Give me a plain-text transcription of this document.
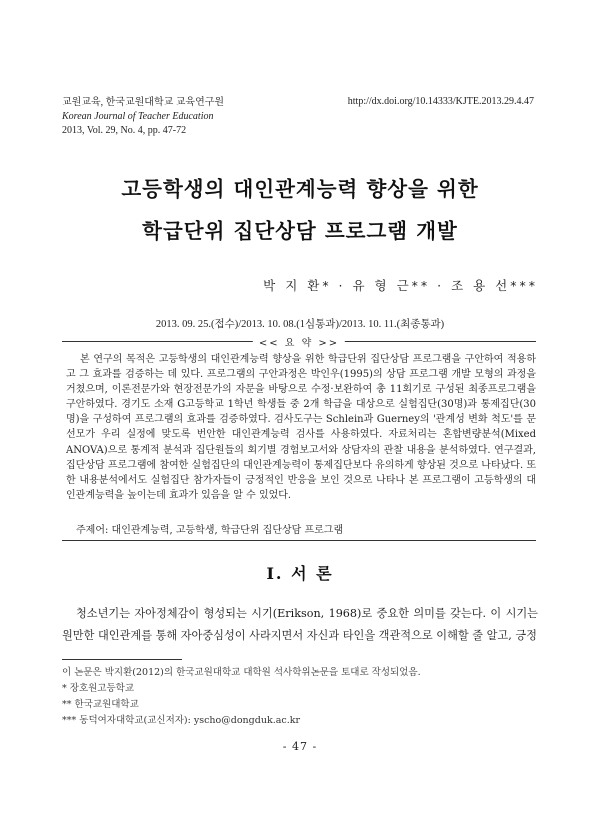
교원교육, 한국교원대학교 교육연구원
Korean Journal of Teacher Education
2013, Vol. 29, No. 4, pp. 47-72
http://dx.doi.org/10.14333/KJTE.2013.29.4.47
고등학생의 대인관계능력 향상을 위한
학급단위 집단상담 프로그램 개발
박 지 환* · 유 형 근** · 조 용 선***
2013. 09. 25.(접수)/2013. 10. 08.(1심통과)/2013. 10. 11.(최종통과)
<< 요 약 >>
본 연구의 목적은 고등학생의 대인관계능력 향상을 위한 학급단위 집단상담 프로그램을 구안하여 적용하고 그 효과를 검증하는 데 있다. 프로그램의 구안과정은 박인우(1995)의 상담 프로그램 개발 모형의 과정을 거쳤으며, 이론전문가와 현장전문가의 자문을 바탕으로 수정·보완하여 총 11회기로 구성된 최종프로그램을 구안하였다. 경기도 소재 G고등학교 1학년 학생들 중 2개 학급을 대상으로 실험집단(30명)과 통제집단(30명)을 구성하여 프로그램의 효과를 검증하였다. 검사도구는 Schlein과 Guerney의 '관계성 변화 척도'를 문선모가 우리 실정에 맞도록 번안한 대인관계능력 검사를 사용하였다. 자료처리는 혼합변량분석(Mixed ANOVA)으로 통계적 분석과 집단원들의 회기별 경험보고서와 상담자의 관찰 내용을 분석하였다. 연구결과, 집단상담 프로그램에 참여한 실험집단의 대인관계능력이 통제집단보다 유의하게 향상된 것으로 나타났다. 또한 내용분석에서도 실험집단 참가자들이 긍정적인 반응을 보인 것으로 나타나 본 프로그램이 고등학생의 대인관계능력을 높이는데 효과가 있음을 알 수 있었다.
주제어: 대인관계능력, 고등학생, 학급단위 집단상담 프로그램
I. 서 론
청소년기는 자아정체감이 형성되는 시기(Erikson, 1968)로 중요한 의미를 갖는다. 이 시기는 원만한 대인관계를 통해 자아중심성이 사라지면서 자신과 타인을 객관적으로 이해할 줄 알고, 긍정
이 논문은 박지환(2012)의 한국교원대학교 대학원 석사학위논문을 토대로 작성되었음.
* 장호원고등학교
** 한국교원대학교
*** 동덕여자대학교(교신저자): yscho@dongduk.ac.kr
- 47 -
